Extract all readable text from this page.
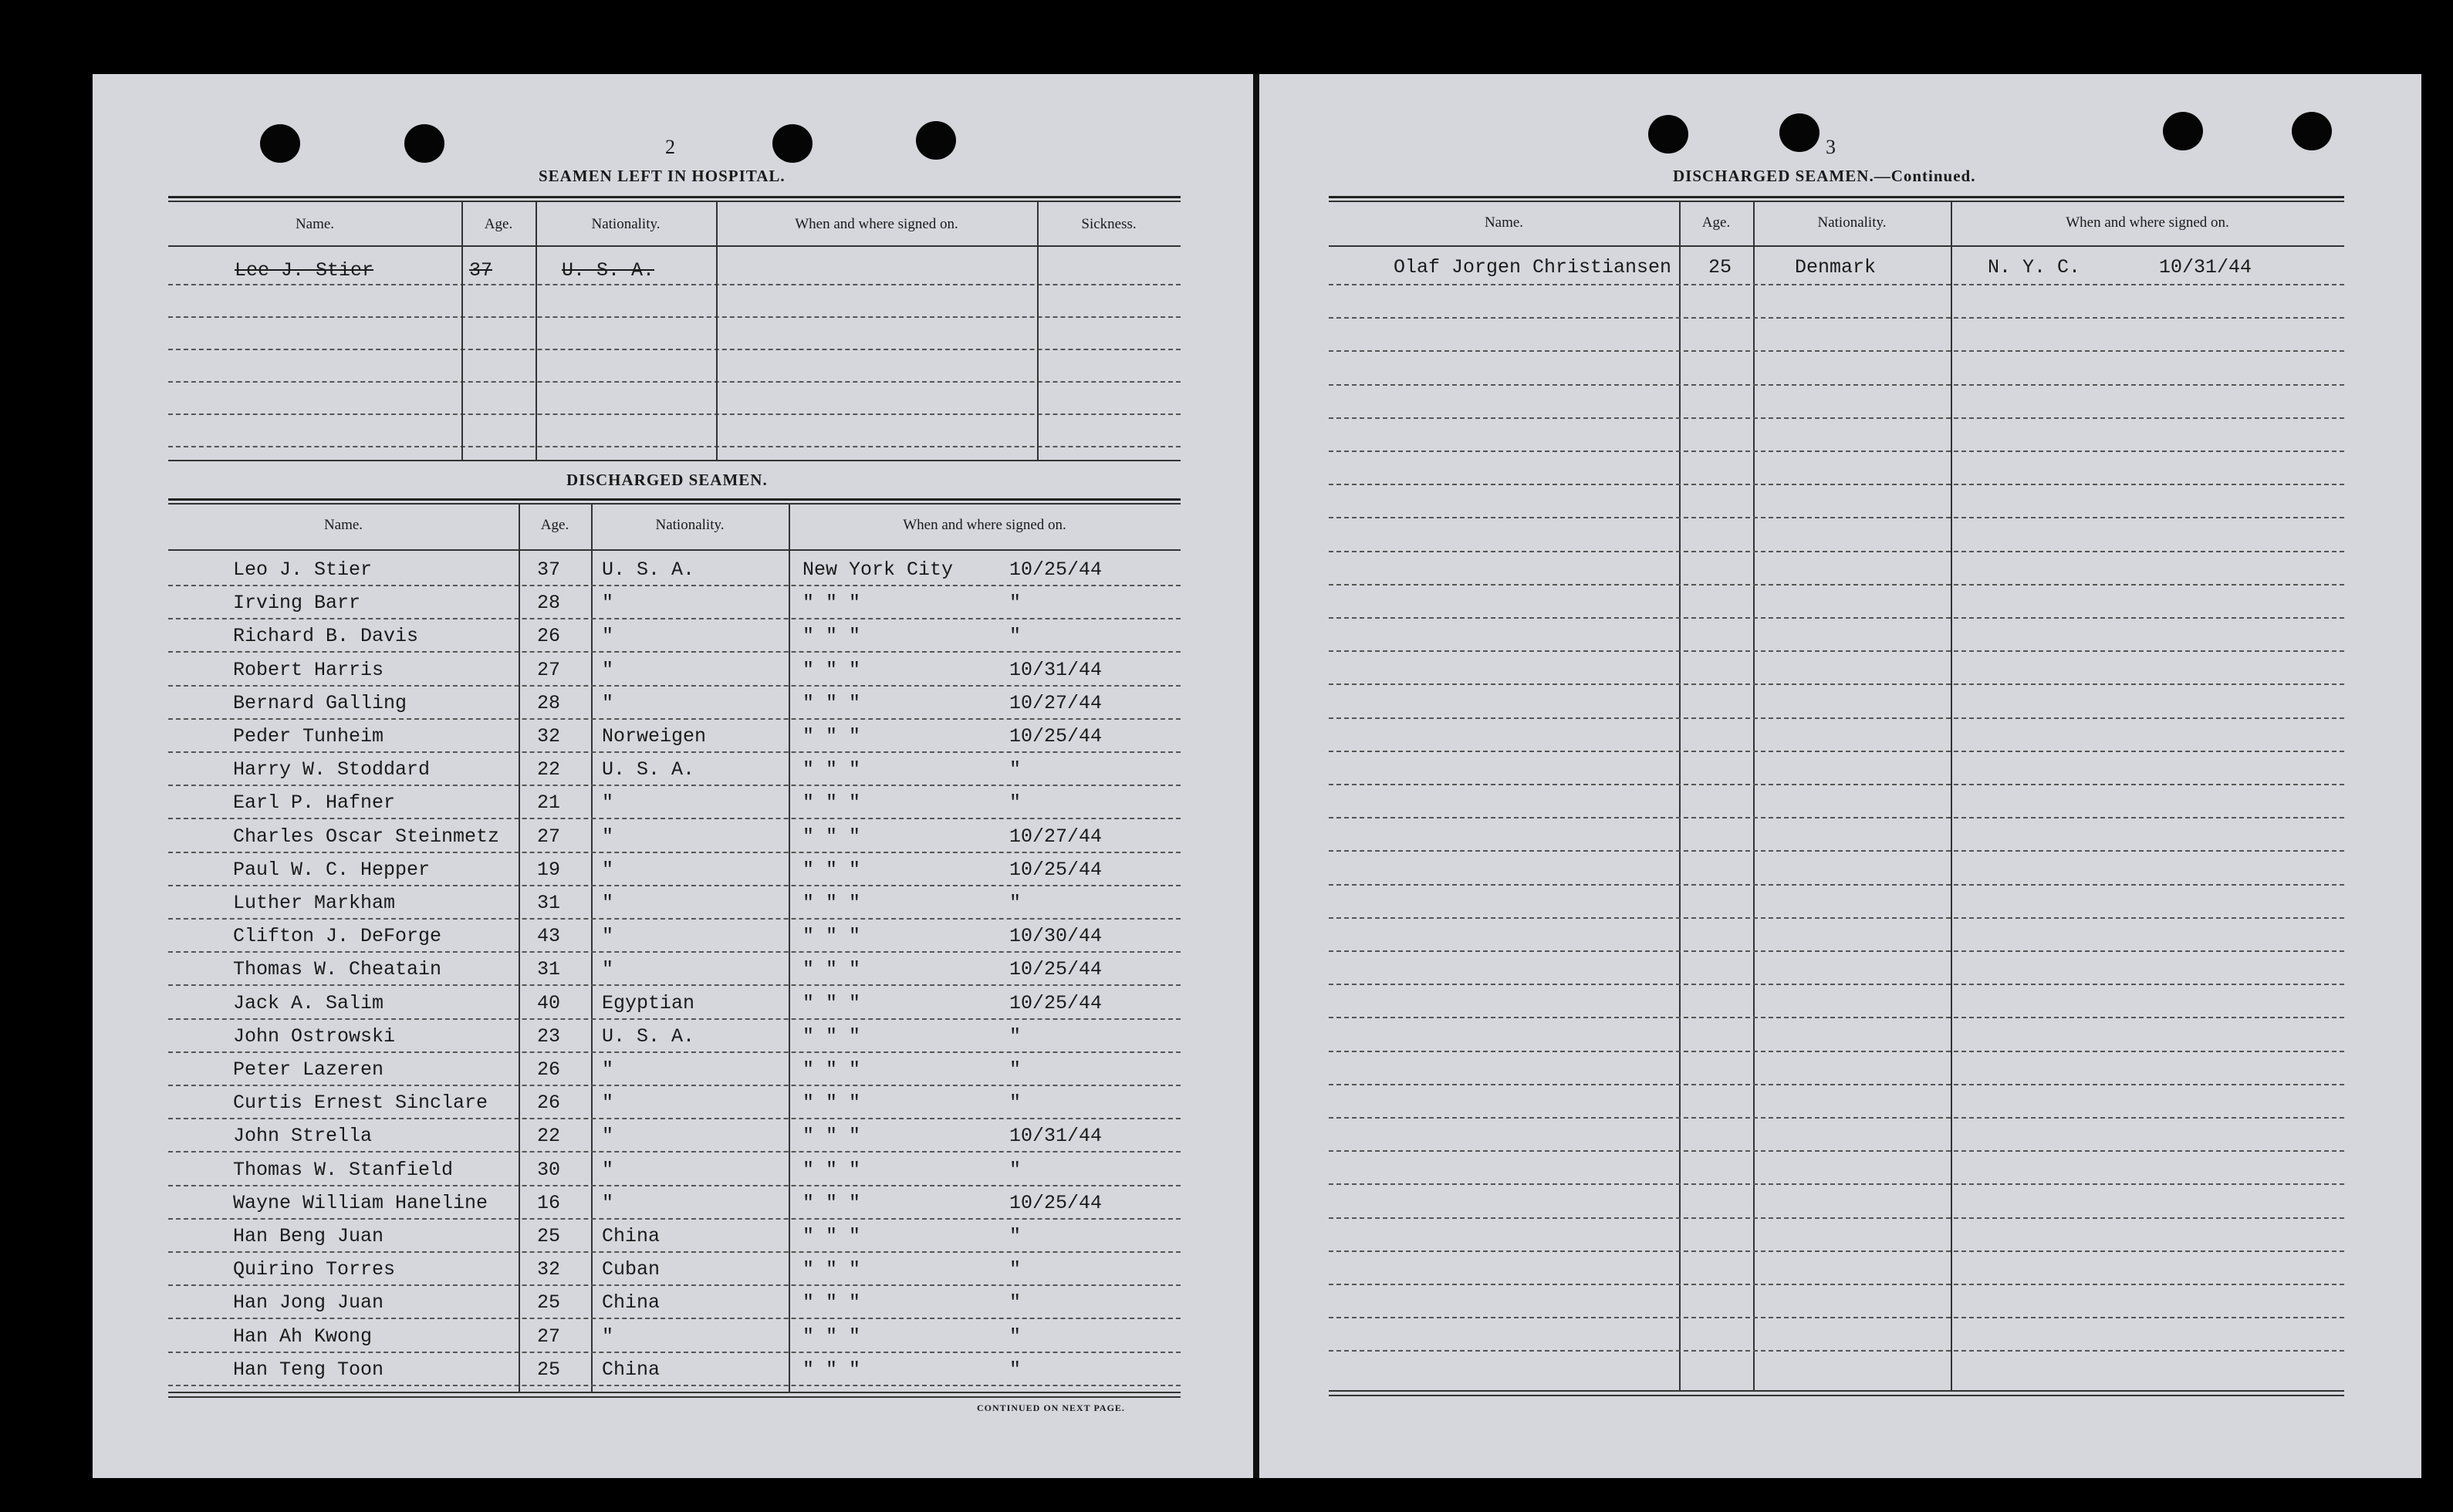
2
SEAMEN LEFT IN HOSPITAL.
Name.	Age.	Nationality.	When and where signed on.	Sickness.
Lee J. Stier	37	U. S. A.
DISCHARGED SEAMEN.
Name.	Age.	Nationality.	When and where signed on.
Leo J. Stier	37 U. S. A.	New York City	10/25/44
Irving Barr	28 "	" " "	"
Richard B. Davis	26 "	" " "	"
Robert Harris	27 "	" " "	10/31/44
Bernard Galling	28 "	" " "	10/27/44
Peder Tunheim	32 Norweigen	" " "	10/25/44
Harry W. Stoddard	22 U. S. A.	" " "	"
Earl P. Hafner	21 "	" " "	"
Charles Oscar Steinmetz 27 "	" " "	10/27/44
Paul W. C. Hepper	19 "	" " "	10/25/44
Luther Markham	31 "	" " "	"
Clifton J. DeForge	43 "	" " "	10/30/44
Thomas W. Cheatain	31 "	" " "	10/25/44
Jack A. Salim	40 Egyptian	" " "	10/25/44
John Ostrowski	23 U. S. A.	" " "	"
Peter Lazeren	26 "	" " "	"
Curtis Ernest Sinclare	26 "	" " "	"
John Strella	22 "	" " "	10/31/44
Thomas W. Stanfield	30 "	" " "	"
Wayne William Haneline	16 "	" " "	10/25/44
Han Beng Juan	25 China	" " "	"
Quirino Torres	32 Cuban	" " "	"
Han Jong Juan	25 China	" " "	"
Han Ah Kwong	27 "	" " "	"
Han Teng Toon	25 China	" " "	"
CONTINUED ON NEXT PAGE.
3
DISCHARGED SEAMEN.—Continued.
Name.	Age.	Nationality.	When and where signed on.
Olaf Jorgen Christiansen 25	Denmark	N. Y. C.	10/31/44
